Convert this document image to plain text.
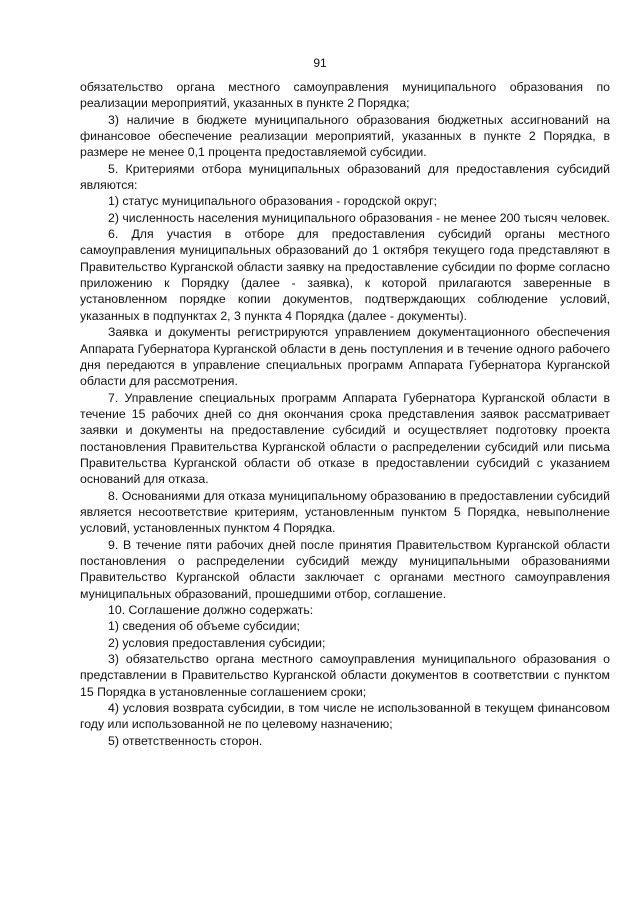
91

обязательство органа местного самоуправления муниципального образования по реализации мероприятий, указанных в пункте 2 Порядка;

3) наличие в бюджете муниципального образования бюджетных ассигнований на финансовое обеспечение реализации мероприятий, указанных в пункте 2 Порядка, в размере не менее 0,1 процента предоставляемой субсидии.

5. Критериями отбора муниципальных образований для предоставления субсидий являются:

1) статус муниципального образования - городской округ;

2) численность населения муниципального образования - не менее 200 тысяч человек.

6. Для участия в отборе для предоставления субсидий органы местного самоуправления муниципальных образований до 1 октября текущего года представляют в Правительство Курганской области заявку на предоставление субсидии по форме согласно приложению к Порядку (далее - заявка), к которой прилагаются заверенные в установленном порядке копии документов, подтверждающих соблюдение условий, указанных в подпунктах 2, 3 пункта 4 Порядка (далее - документы).

Заявка и документы регистрируются управлением документационного обеспечения Аппарата Губернатора Курганской области в день поступления и в течение одного рабочего дня передаются в управление специальных программ Аппарата Губернатора Курганской области для рассмотрения.

7. Управление специальных программ Аппарата Губернатора Курганской области в течение 15 рабочих дней со дня окончания срока представления заявок рассматривает заявки и документы на предоставление субсидий и осуществляет подготовку проекта постановления Правительства Курганской области о распределении субсидий или письма Правительства Курганской области об отказе в предоставлении субсидий с указанием оснований для отказа.

8. Основаниями для отказа муниципальному образованию в предоставлении субсидий является несоответствие критериям, установленным пунктом 5 Порядка, невыполнение условий, установленных пунктом 4 Порядка.

9. В течение пяти рабочих дней после принятия Правительством Курганской области постановления о распределении субсидий между муниципальными образованиями Правительство Курганской области заключает с органами местного самоуправления муниципальных образований, прошедшими отбор, соглашение.

10. Соглашение должно содержать:

1) сведения об объеме субсидии;

2) условия предоставления субсидии;

3) обязательство органа местного самоуправления муниципального образования о представлении в Правительство Курганской области документов в соответствии с пунктом 15 Порядка в установленные соглашением сроки;

4) условия возврата субсидии, в том числе не использованной в текущем финансовом году или использованной не по целевому назначению;

5) ответственность сторон.
